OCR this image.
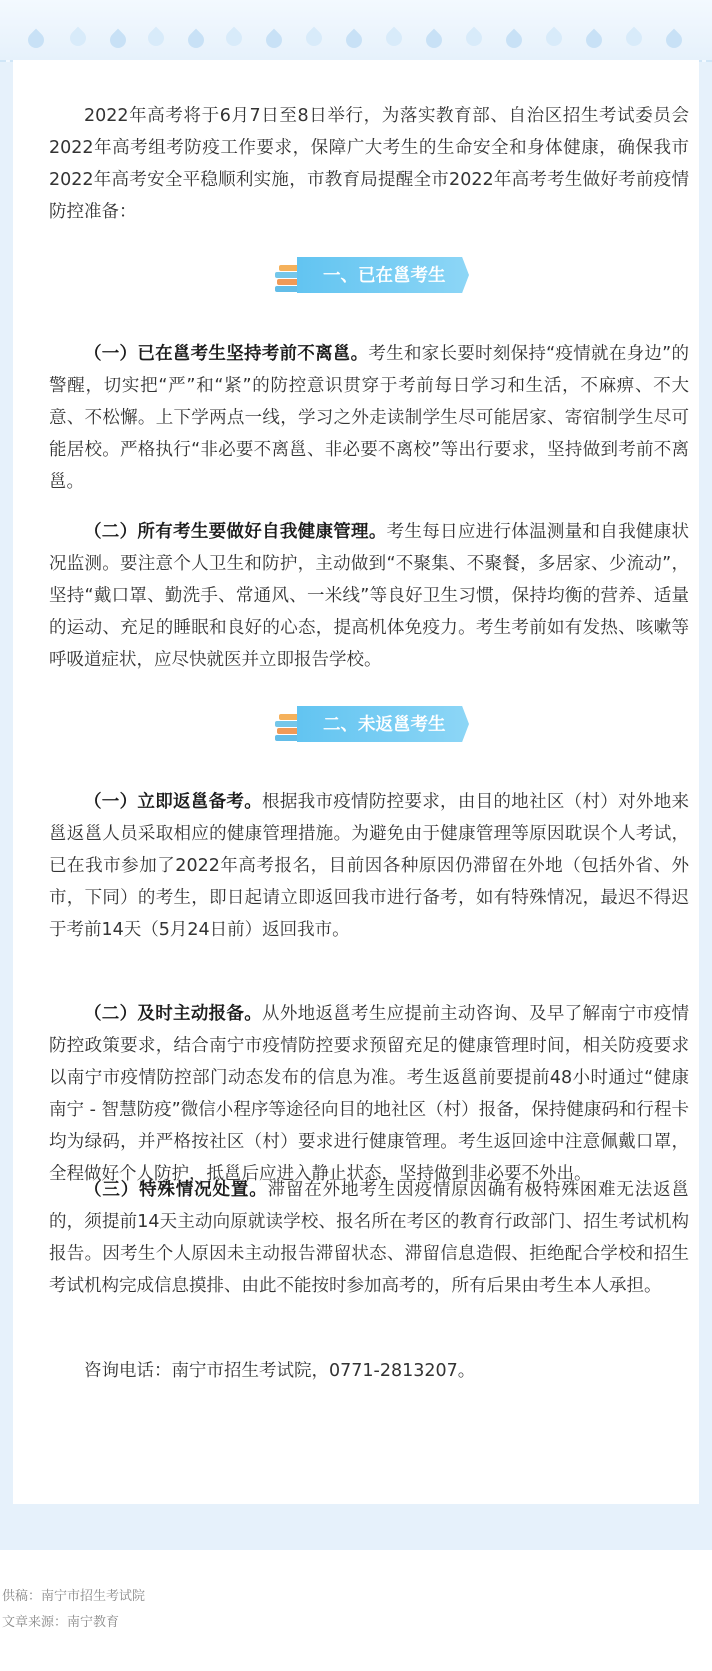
2022年高考将于6月7日至8日举行，为落实教育部、自治区招生考试委员会2022年高考组考防疫工作要求，保障广大考生的生命安全和身体健康，确保我市2022年高考安全平稳顺利实施，市教育局提醒全市2022年高考考生做好考前疫情防控准备：

一、已在邕考生

（一）已在邕考生坚持考前不离邕。考生和家长要时刻保持“疫情就在身边”的警醒，切实把“严”和“紧”的防控意识贯穿于考前每日学习和生活，不麻痹、不大意、不松懈。上下学两点一线，学习之外走读制学生尽可能居家、寄宿制学生尽可能居校。严格执行“非必要不离邕、非必要不离校”等出行要求，坚持做到考前不离邕。

（二）所有考生要做好自我健康管理。考生每日应进行体温测量和自我健康状况监测。要注意个人卫生和防护，主动做到“不聚集、不聚餐，多居家、少流动”，坚持“戴口罩、勤洗手、常通风、一米线”等良好卫生习惯，保持均衡的营养、适量的运动、充足的睡眠和良好的心态，提高机体免疫力。考生考前如有发热、咳嗽等呼吸道症状，应尽快就医并立即报告学校。

二、未返邕考生

（一）立即返邕备考。根据我市疫情防控要求，由目的地社区（村）对外地来邕返邕人员采取相应的健康管理措施。为避免由于健康管理等原因耽误个人考试，已在我市参加了2022年高考报名，目前因各种原因仍滞留在外地（包括外省、外市，下同）的考生，即日起请立即返回我市进行备考，如有特殊情况，最迟不得迟于考前14天（5月24日前）返回我市。

（二）及时主动报备。从外地返邕考生应提前主动咨询、及早了解南宁市疫情防控政策要求，结合南宁市疫情防控要求预留充足的健康管理时间，相关防疫要求以南宁市疫情防控部门动态发布的信息为准。考生返邕前要提前48小时通过“健康南宁 - 智慧防疫”微信小程序等途径向目的地社区（村）报备，保持健康码和行程卡均为绿码，并严格按社区（村）要求进行健康管理。考生返回途中注意佩戴口罩，全程做好个人防护，抵邕后应进入静止状态，坚持做到非必要不外出。

（三）特殊情况处置。滞留在外地考生因疫情原因确有极特殊困难无法返邕的，须提前14天主动向原就读学校、报名所在考区的教育行政部门、招生考试机构报告。因考生个人原因未主动报告滞留状态、滞留信息造假、拒绝配合学校和招生考试机构完成信息摸排、由此不能按时参加高考的，所有后果由考生本人承担。

咨询电话：南宁市招生考试院，0771-2813207。

供稿：南宁市招生考试院
文章来源：南宁教育
